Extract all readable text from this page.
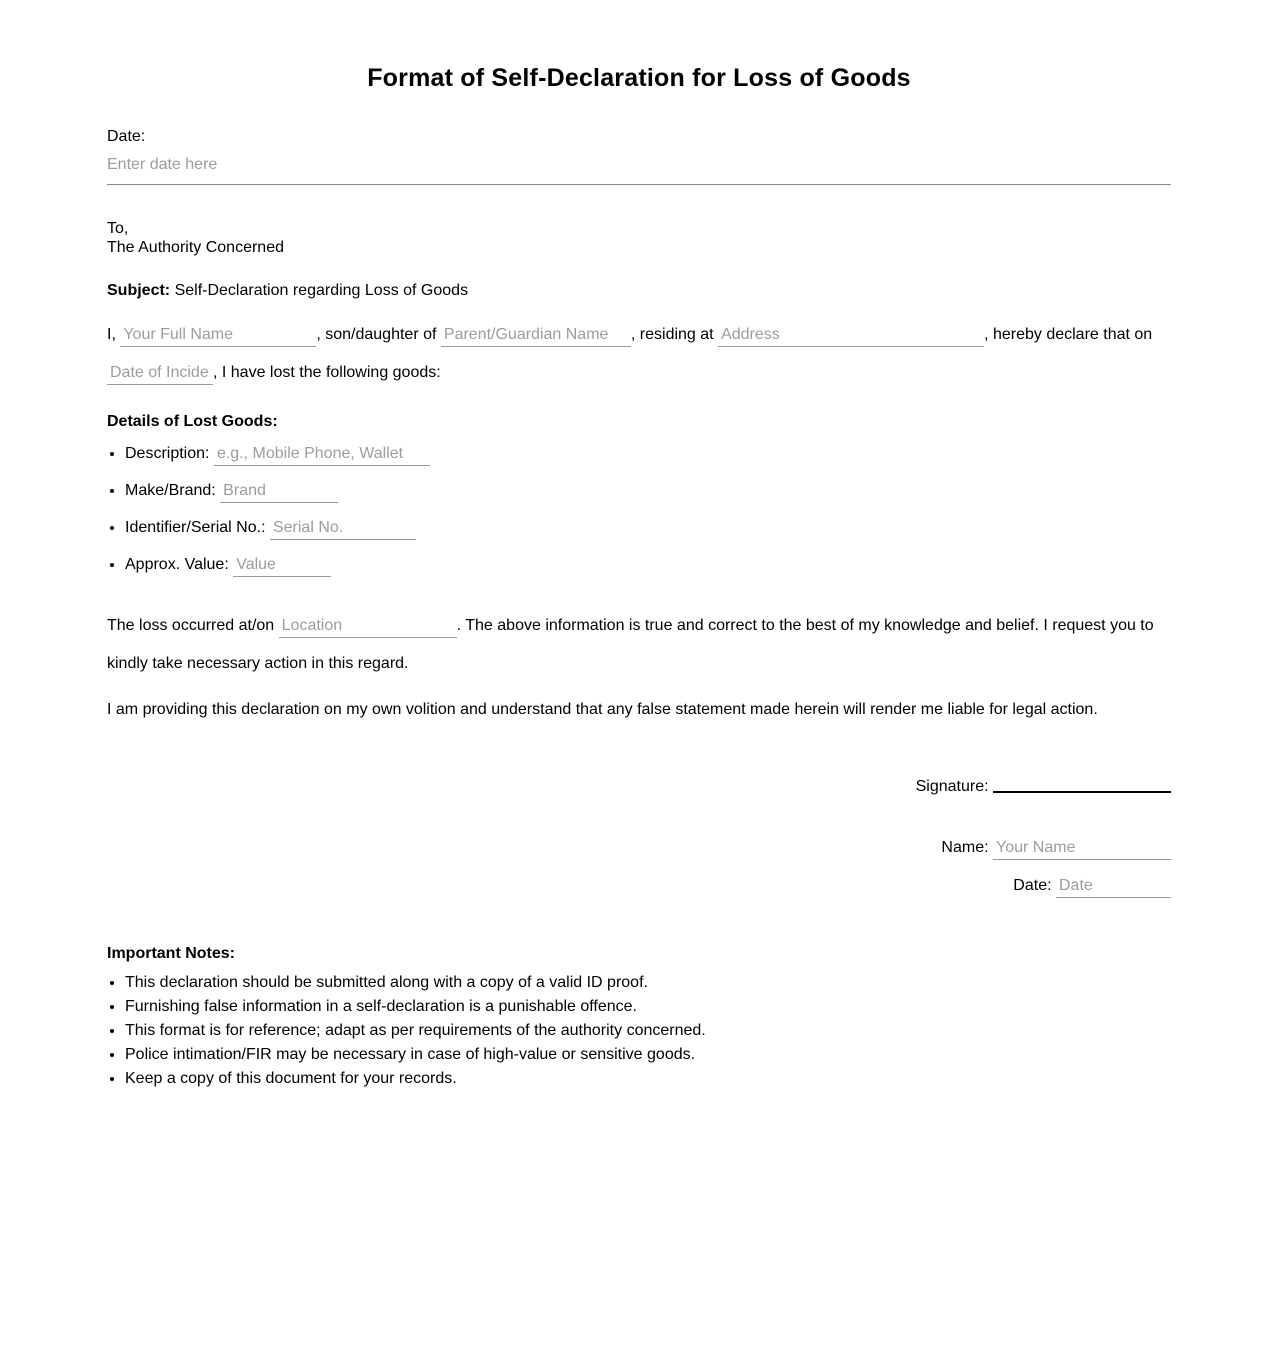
Format of Self-Declaration for Loss of Goods
Date:
Enter date here

To,
The Authority Concerned

Subject: Self-Declaration regarding Loss of Goods

I, Your Full Name	, son/daughter of Parent/Guardian Name	, residing at Address	, hereby declare that on Date of Incident, I have lost the following goods:

Details of Lost Goods:
• Description: e.g., Mobile Phone, Wallet
• Make/Brand: Brand
• Identifier/Serial No.: Serial No.
• Approx. Value: Value

The loss occurred at/on Location	. The above information is true and correct to the best of my knowledge and belief. I request you to kindly take necessary action in this regard.

I am providing this declaration on my own volition and understand that any false statement made herein will render me liable for legal action.

Signature:

Name: Your Name

Date: Date

Important Notes:
• This declaration should be submitted along with a copy of a valid ID proof.
• Furnishing false information in a self-declaration is a punishable offence.
• This format is for reference; adapt as per requirements of the authority concerned.
• Police intimation/FIR may be necessary in case of high-value or sensitive goods.
• Keep a copy of this document for your records.
